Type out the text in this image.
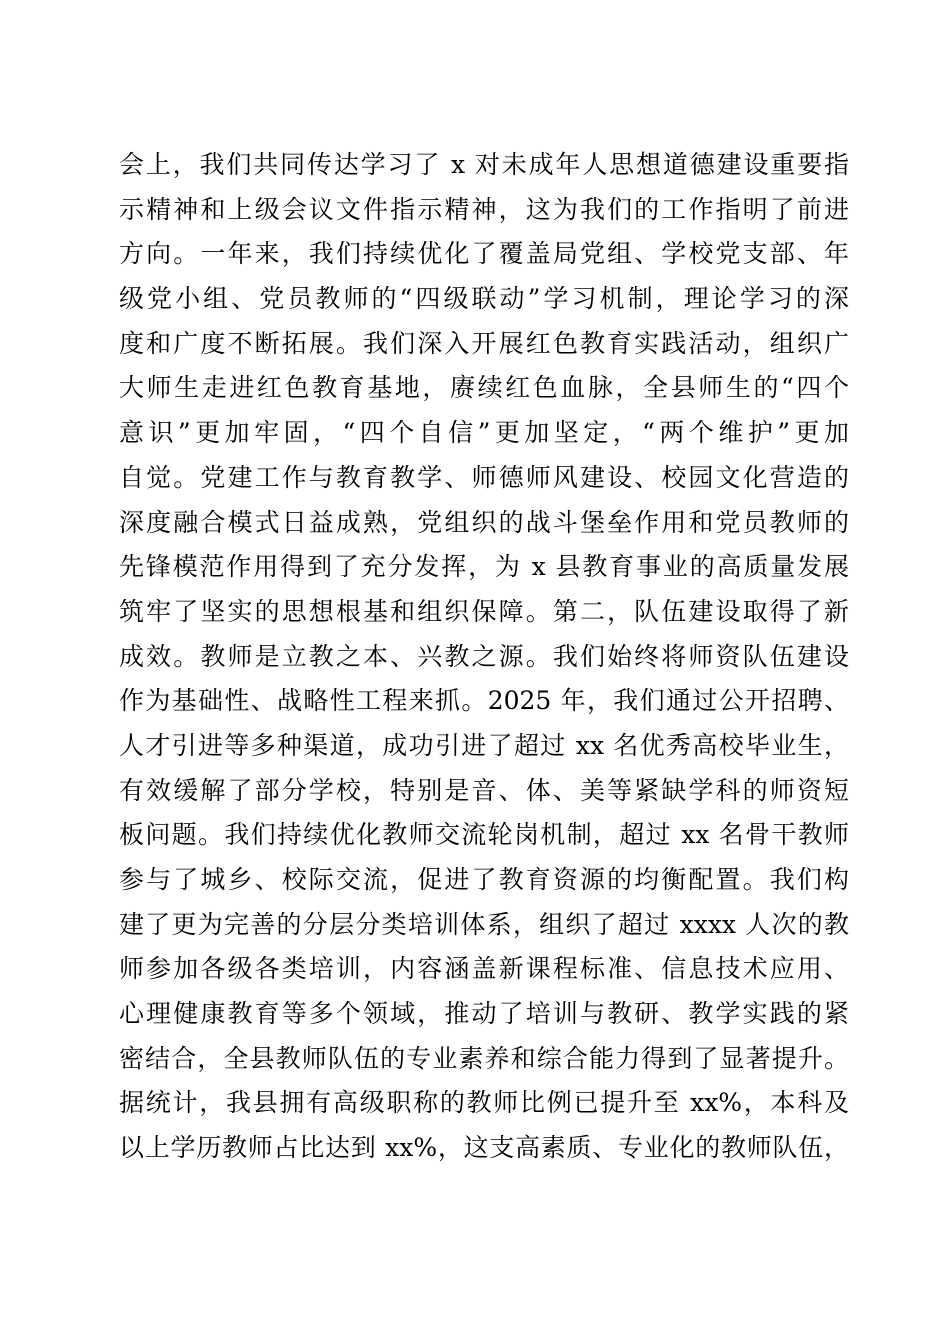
会上，我们共同传达学习了 x 对未成年人思想道德建设重要指
示精神和上级会议文件指示精神，这为我们的工作指明了前进
方向。一年来，我们持续优化了覆盖局党组、学校党支部、年
级党小组、党员教师的“四级联动”学习机制，理论学习的深
度和广度不断拓展。我们深入开展红色教育实践活动，组织广
大师生走进红色教育基地，赓续红色血脉，全县师生的“四个
意识”更加牢固，“四个自信”更加坚定，“两个维护”更加
自觉。党建工作与教育教学、师德师风建设、校园文化营造的
深度融合模式日益成熟，党组织的战斗堡垒作用和党员教师的
先锋模范作用得到了充分发挥，为 x 县教育事业的高质量发展
筑牢了坚实的思想根基和组织保障。第二，队伍建设取得了新
成效。教师是立教之本、兴教之源。我们始终将师资队伍建设
作为基础性、战略性工程来抓。2025 年，我们通过公开招聘、
人才引进等多种渠道，成功引进了超过 xx 名优秀高校毕业生，
有效缓解了部分学校，特别是音、体、美等紧缺学科的师资短
板问题。我们持续优化教师交流轮岗机制，超过 xx 名骨干教师
参与了城乡、校际交流，促进了教育资源的均衡配置。我们构
建了更为完善的分层分类培训体系，组织了超过 xxxx 人次的教
师参加各级各类培训，内容涵盖新课程标准、信息技术应用、
心理健康教育等多个领域，推动了培训与教研、教学实践的紧
密结合，全县教师队伍的专业素养和综合能力得到了显著提升。
据统计，我县拥有高级职称的教师比例已提升至 xx%，本科及
以上学历教师占比达到 xx%，这支高素质、专业化的教师队伍，
